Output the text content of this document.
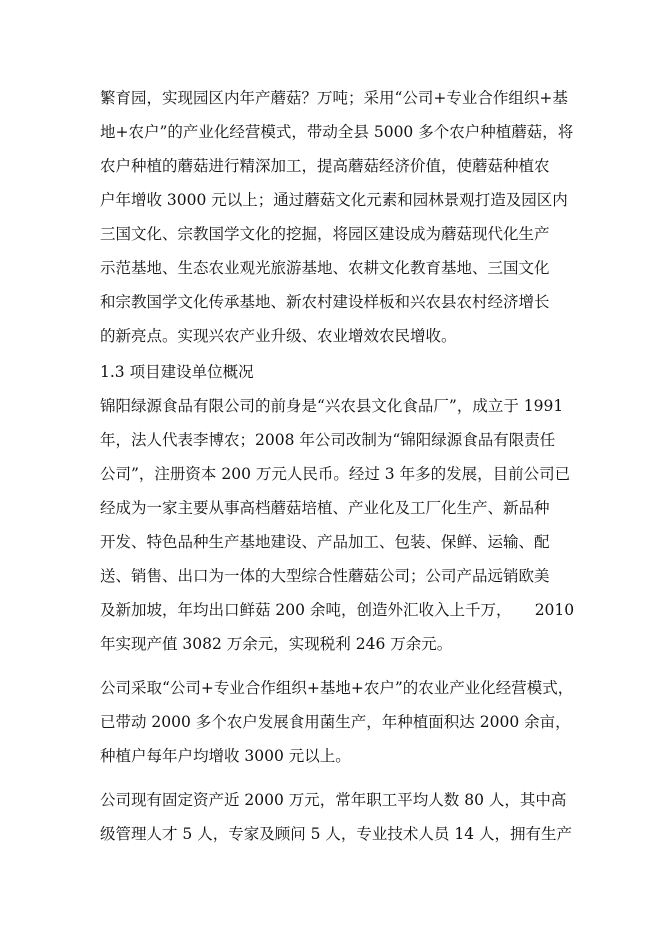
繁育园，实现园区内年产蘑菇？万吨；采用“公司+专业合作组织+基
地+农户”的产业化经营模式，带动全县 5000 多个农户种植蘑菇，将
农户种植的蘑菇进行精深加工，提高蘑菇经济价值，使蘑菇种植农
户年增收 3000 元以上；通过蘑菇文化元素和园林景观打造及园区内
三国文化、宗教国学文化的挖掘，将园区建设成为蘑菇现代化生产
示范基地、生态农业观光旅游基地、农耕文化教育基地、三国文化
和宗教国学文化传承基地、新农村建设样板和兴农县农村经济增长
的新亮点。实现兴农产业升级、农业增效农民增收。
1.3 项目建设单位概况
锦阳绿源食品有限公司的前身是“兴农县文化食品厂”，成立于 1991
年，法人代表李博农；2008 年公司改制为“锦阳绿源食品有限责任
公司”，注册资本 200 万元人民币。经过 3 年多的发展，目前公司已
经成为一家主要从事高档蘑菇培植、产业化及工厂化生产、新品种
开发、特色品种生产基地建设、产品加工、包装、保鲜、运输、配
送、销售、出口为一体的大型综合性蘑菇公司；公司产品远销欧美
及新加坡，年均出口鲜菇 200 余吨，创造外汇收入上千万，　　2010
年实现产值 3082 万余元，实现税利 246 万余元。
公司采取“公司+专业合作组织+基地+农户”的农业产业化经营模式，
已带动 2000 多个农户发展食用菌生产，年种植面积达 2000 余亩，
种植户每年户均增收 3000 元以上。
公司现有固定资产近 2000 万元，常年职工平均人数 80 人，其中高
级管理人才 5 人，专家及顾问 5 人，专业技术人员 14 人，拥有生产
